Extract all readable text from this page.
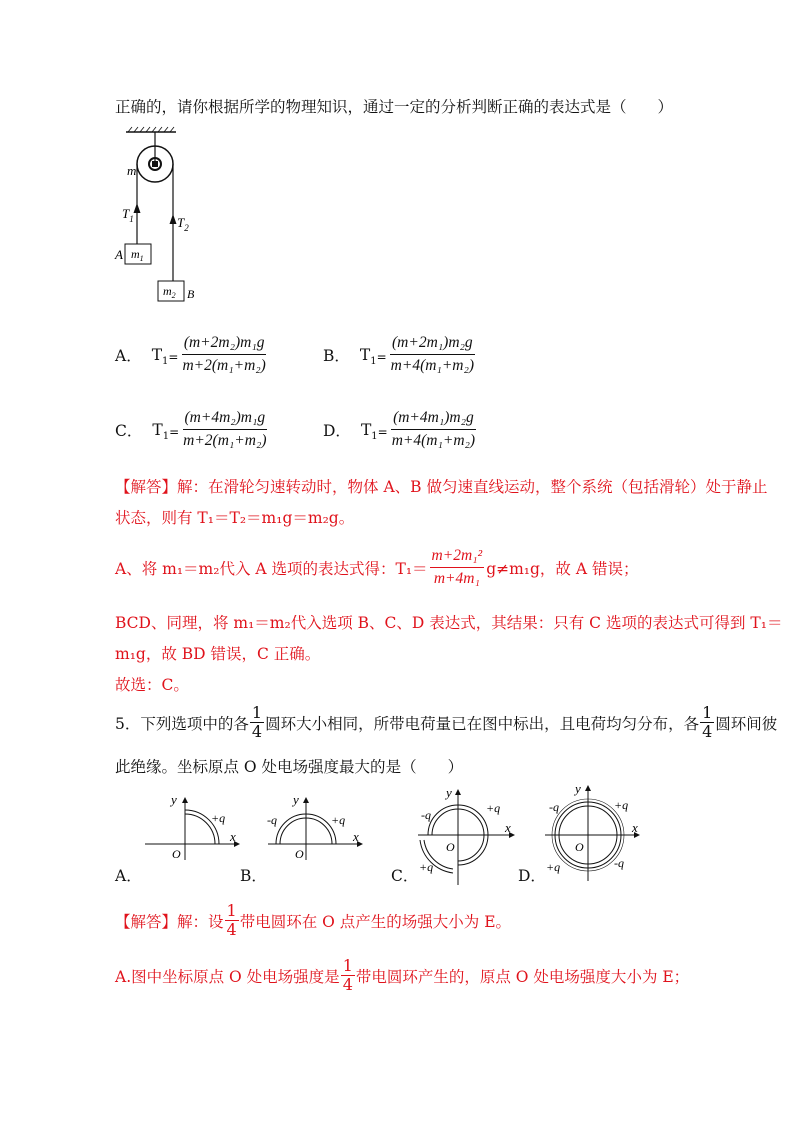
正确的，请你根据所学的物理知识，通过一定的分析判断正确的表达式是（　　）
m
$T_1$	$T_2$
A $m_1$
$m_2$ B
A． $T_1 = \frac{\text{(m+2m₂)m₁g}}{\text{m+2(m₁+m₂)}}$	B． $T_1 = \frac{\text{(m+2m₁)m₂g}}{\text{m+4(m₁+m₂)}}$
C． $T_1 = \frac{\text{(m+4m₂)m₁g}}{\text{m+2(m₁+m₂)}}$	D． $T_1 = \frac{\text{(m+4m₁)m₂g}}{\text{m+4(m₁+m₂)}}$
【解答】解：在滑轮匀速转动时，物体 A、B 做匀速直线运动，整个系统（包括滑轮）处于静止
状态，则有 T₁＝T₂＝m₁g＝m₂g。
A、将 m₁＝m₂代入 A 选项的表达式得：$T_1= \frac{\text{m+2m₁²}}{\text{m+4m₁}} g\ne m_1g$，故 A 错误；
BCD、同理，将 m₁＝m₂代入选项 B、C、D 表达式，其结果：只有 C 选项的表达式可得到 T₁＝
m₁g，故 BD 错误，C 正确。
故选：C。
5．下列选项中的各
1
4 圆环大小相同，所带电荷量已在图中标出，且电荷均匀分布，各
1
4 圆环间彼
此绝缘。坐标原点 O 处电场强度最大的是（　　）
y
x
O
+q
A．
y
x
O
-q	+q
B．
y
x
O
-q	+q
+q
C．
y
x
O
-q	+q
+q	-q
D．
【解答】 解：设
1
4 带电圆环在 O 点产生的场强大小为 E。
A.图中坐标原点 O 处电场强度是
1
4 带电圆环产生的，原点 O 处电场强度大小为 E；
